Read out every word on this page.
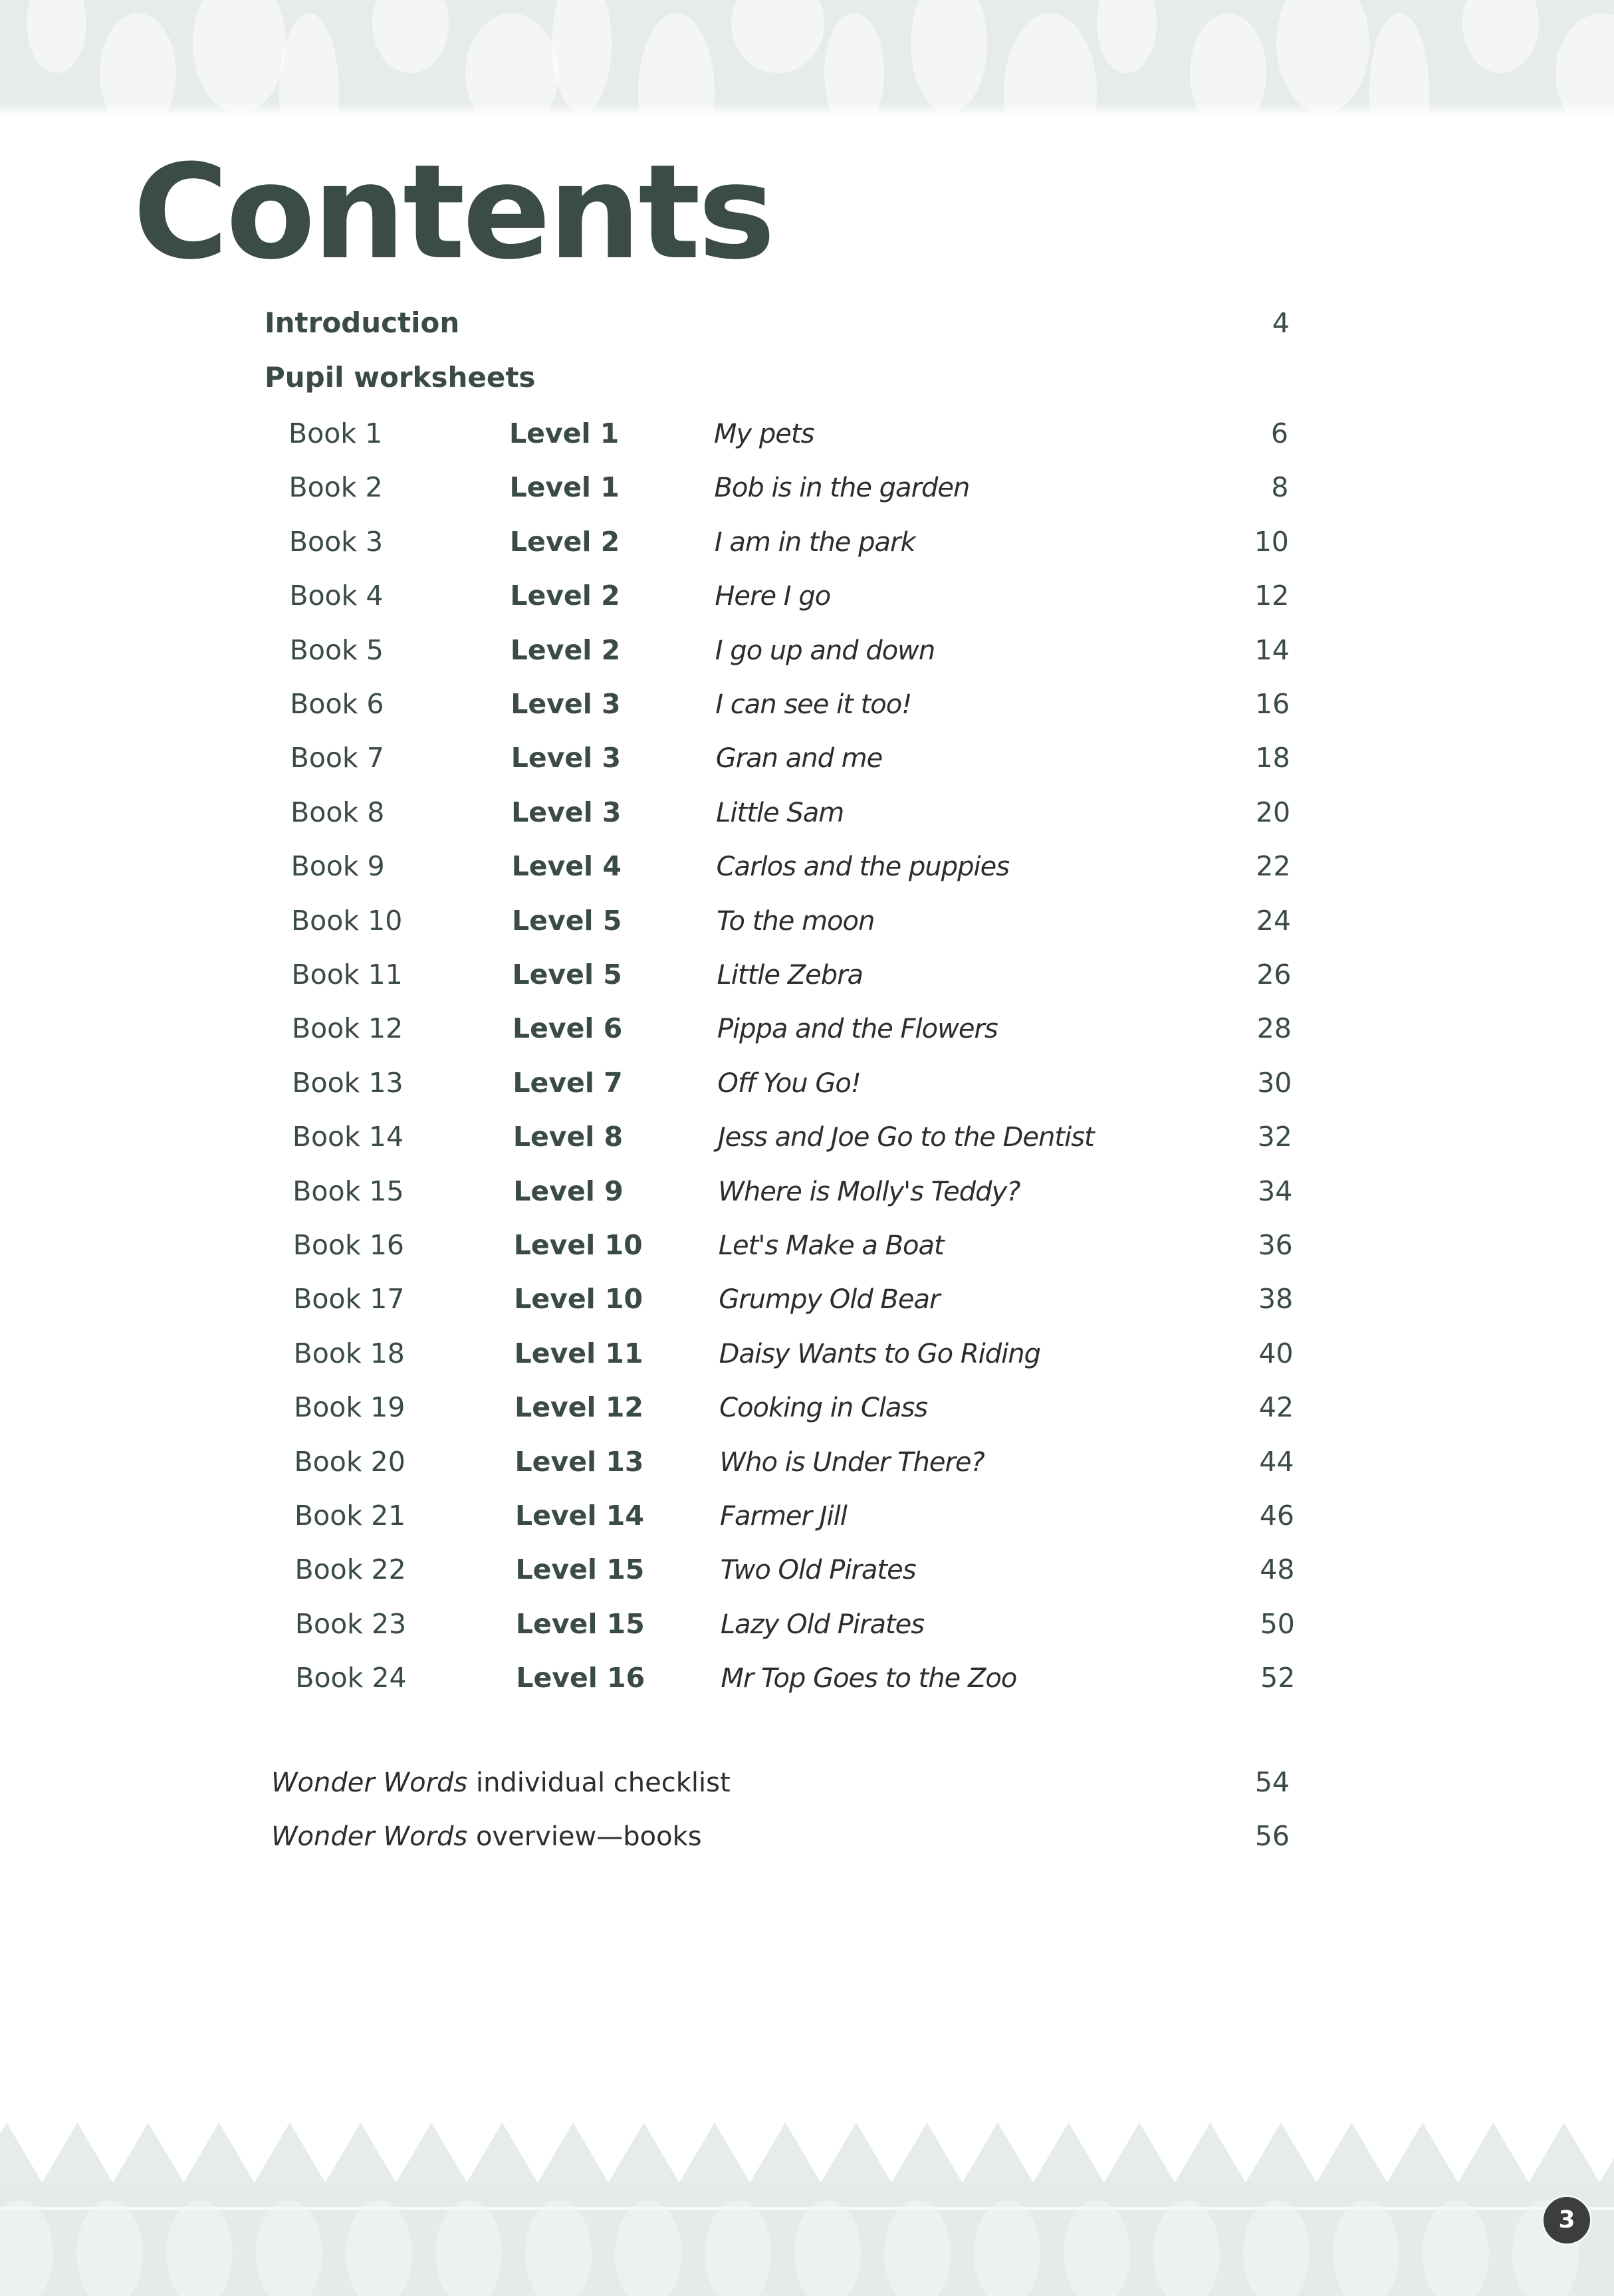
Contents
Introduction	4
Pupil worksheets
Book 1	Level 1	My pets	6
Book 2	Level 1	Bob is in the garden	8
Book 3	Level 2	I am in the park	10
Book 4	Level 2	Here I go	12
Book 5	Level 2	I go up and down	14
Book 6	Level 3	I can see it too!	16
Book 7	Level 3	Gran and me	18
Book 8	Level 3	Little Sam	20
Book 9	Level 4	Carlos and the puppies	22
Book 10	Level 5	To the moon	24
Book 11	Level 5	Little Zebra	26
Book 12	Level 6	Pippa and the Flowers	28
Book 13	Level 7	Off You Go!	30
Book 14	Level 8	Jess and Joe Go to the Dentist	32
Book 15	Level 9	Where is Molly's Teddy?	34
Book 16	Level 10	Let's Make a Boat	36
Book 17	Level 10	Grumpy Old Bear	38
Book 18	Level 11	Daisy Wants to Go Riding	40
Book 19	Level 12	Cooking in Class	42
Book 20	Level 13	Who is Under There?	44
Book 21	Level 14	Farmer Jill	46
Book 22	Level 15	Two Old Pirates	48
Book 23	Level 15	Lazy Old Pirates	50
Book 24	Level 16	Mr Top Goes to the Zoo	52
Wonder Words individual checklist	54
Wonder Words overview—books	56
3
